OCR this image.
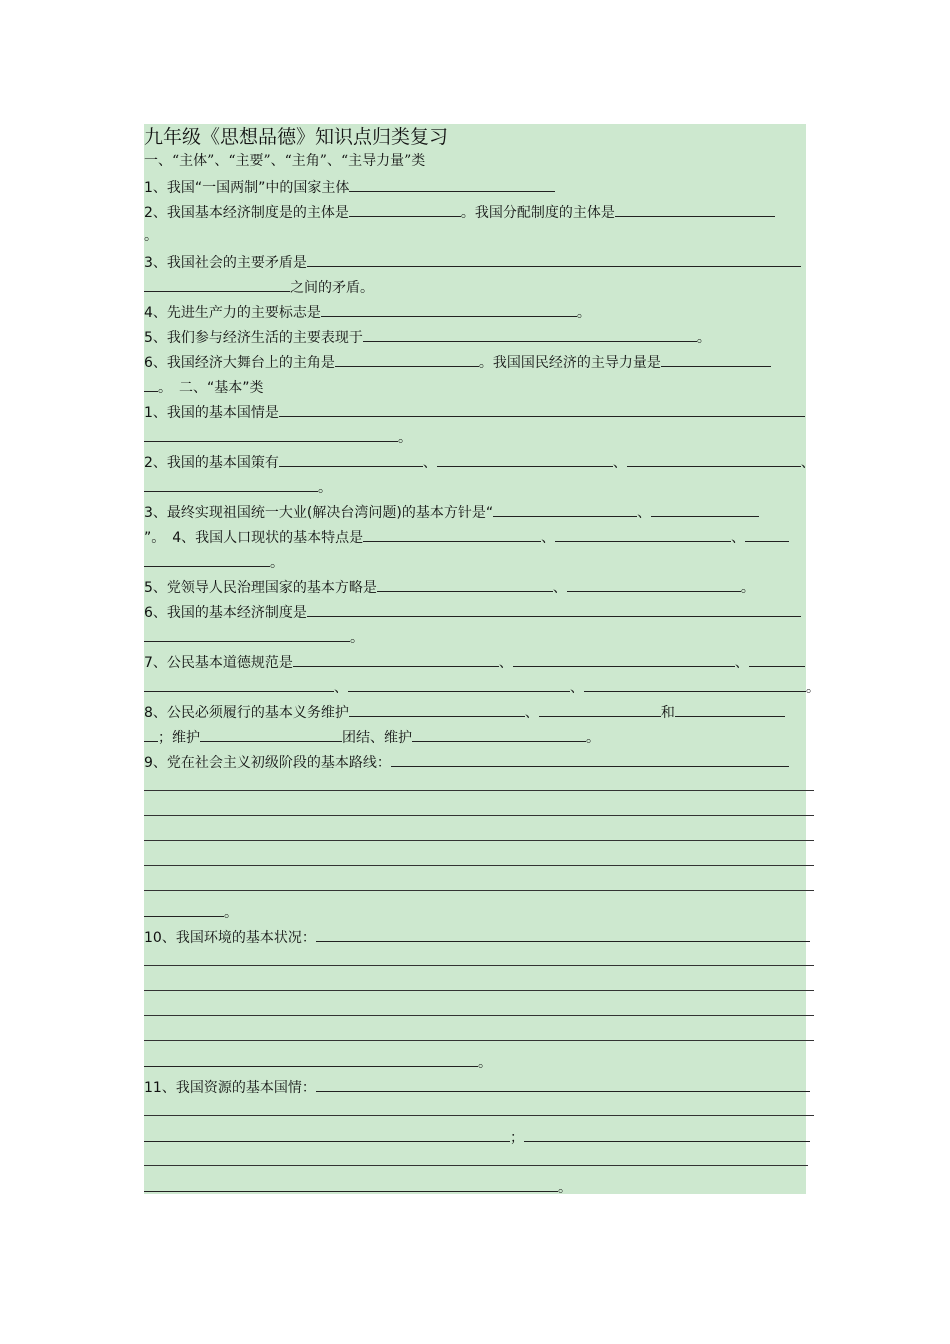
九年级《思想品德》知识点归类复习
一、“主体”、“主要”、“主角”、“主导力量”类
1、我国“一国两制”中的国家主体
2、我国基本经济制度是的主体是	。我国分配制度的主体是
。
3、我国社会的主要矛盾是
之间的矛盾。
4、先进生产力的主要标志是	。
5、我们参与经济生活的主要表现于	。
6、我国经济大舞台上的主角是	。我国国民经济的主导力量是
。　二、“基本”类
1、我国的基本国情是
。
2、我国的基本国策有	、	、	、
。
3、最终实现祖国统一大业(解决台湾问题)的基本方针是“	、
”。　4、我国人口现状的基本特点是	、	、
。
5、党领导人民治理国家的基本方略是	、	。
6、我国的基本经济制度是
。
7、公民基本道德规范是	、	、
、	、	。
8、公民必须履行的基本义务维护	、	和
；维护	团结、维护	。
9、党在社会主义初级阶段的基本路线：
。
10、我国环境的基本状况：
。
11、我国资源的基本国情：
；
。
